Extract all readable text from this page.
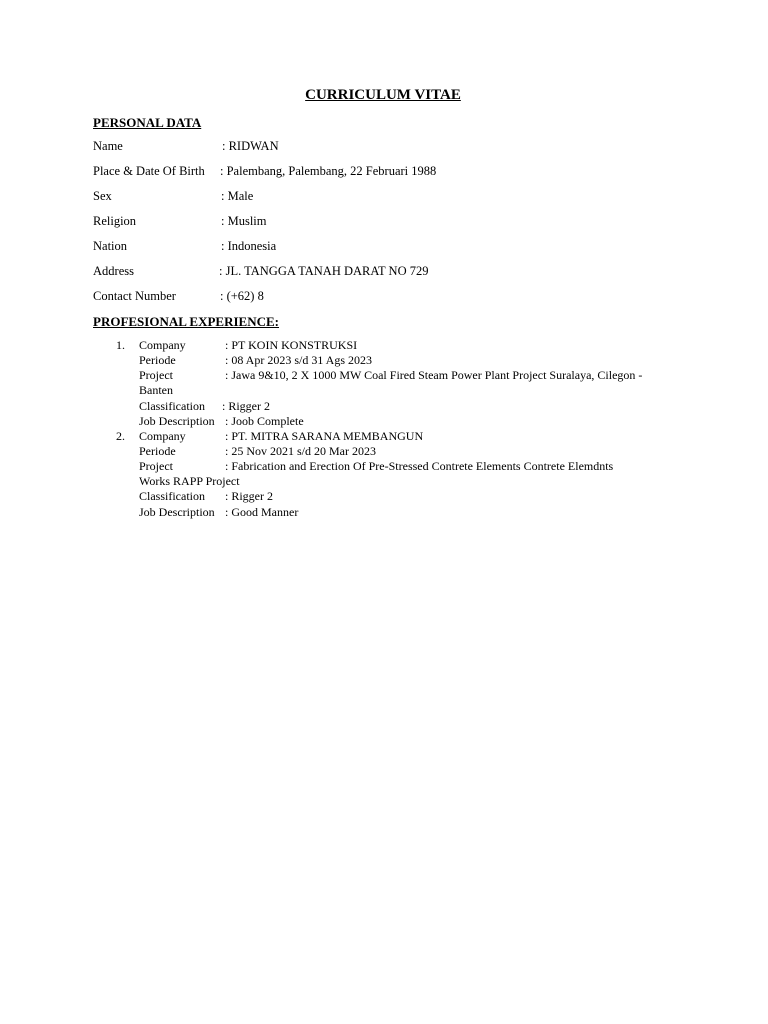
CURRICULUM VITAE
PERSONAL DATA
Name	: RIDWAN
Place & Date Of Birth : Palembang, Palembang, 22 Februari 1988
Sex	: Male
Religion	: Muslim
Nation	: Indonesia
Address	: JL. TANGGA TANAH DARAT NO 729
Contact Number	: (+62) 8
PROFESIONAL EXPERIENCE:
1. Company	: PT KOIN KONSTRUKSI
Periode	: 08 Apr 2023 s/d 31 Ags 2023
Project	: Jawa 9&10, 2 X 1000 MW Coal Fired Steam Power Plant Project Suralaya, Cilegon -
Banten
Classification : Rigger 2
Job Description : Joob Complete
2. Company	: PT. MITRA SARANA MEMBANGUN
Periode	: 25 Nov 2021 s/d 20 Mar 2023
Project	: Fabrication and Erection Of Pre-Stressed Contrete Elements Contrete Elemdnts
Works RAPP Project
Classification : Rigger 2
Job Description : Good Manner
